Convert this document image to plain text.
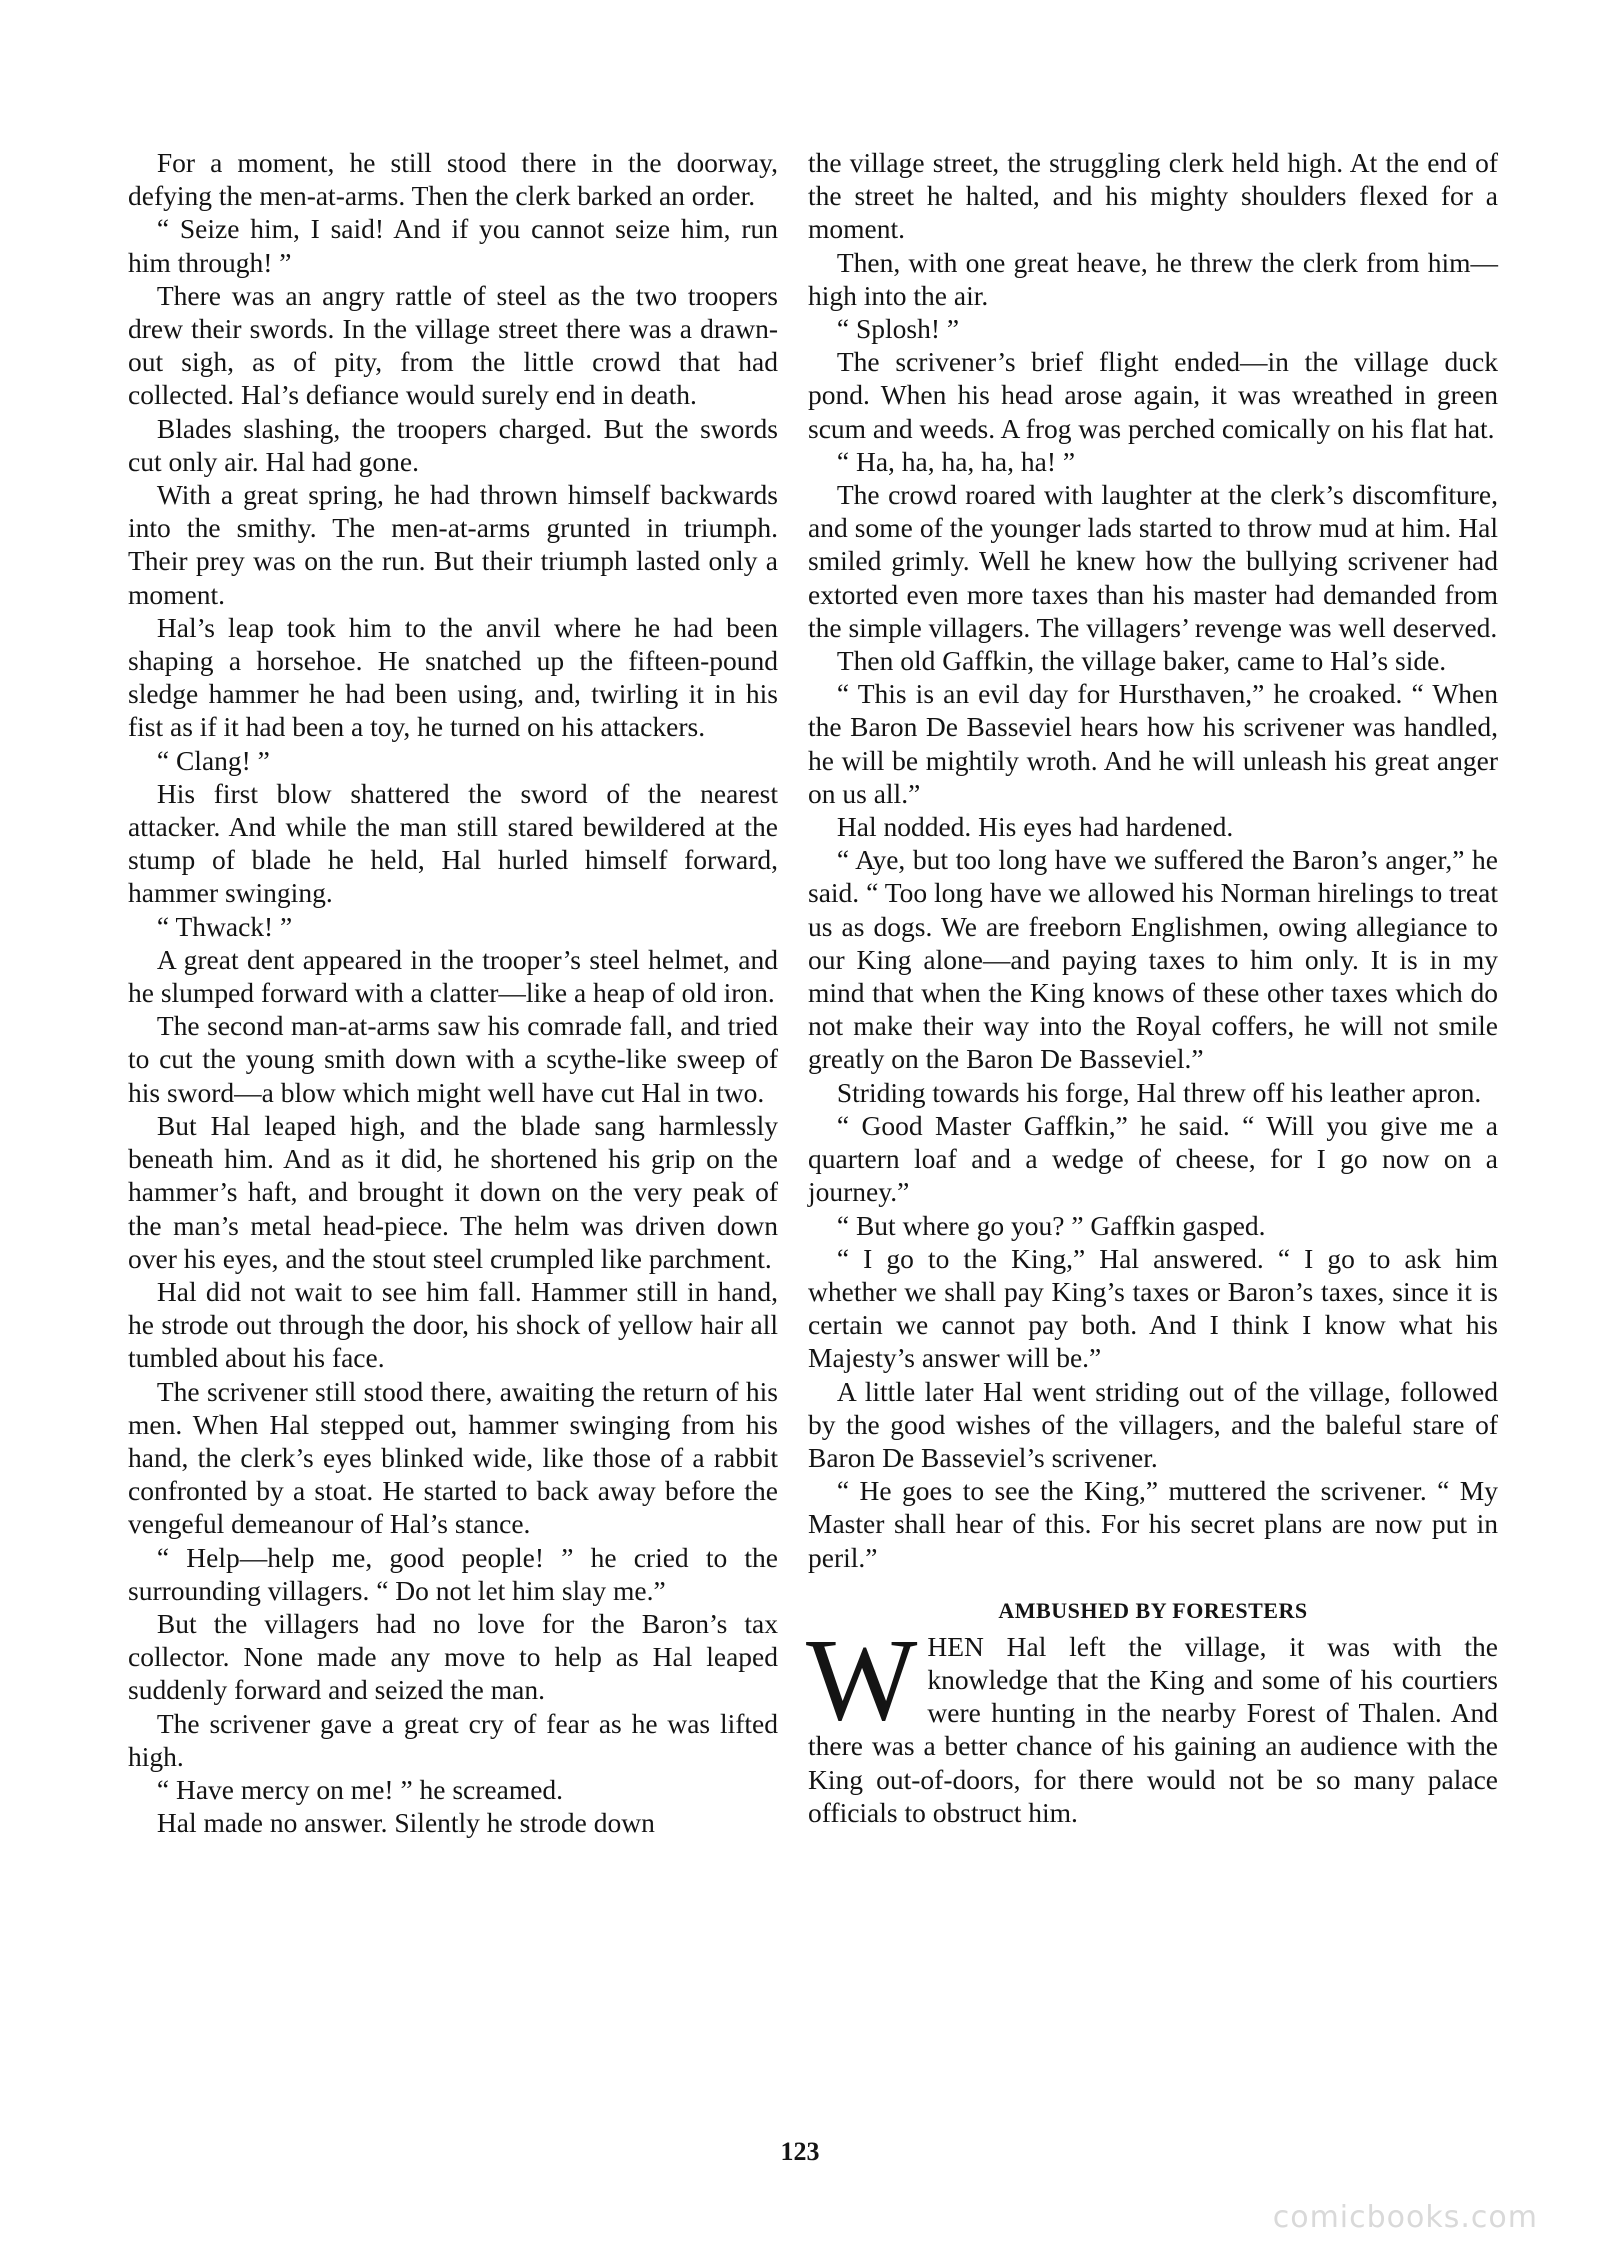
For a moment, he still stood there in the doorway, defying the men-at-arms. Then the clerk barked an order.

“ Seize him, I said! And if you cannot seize him, run him through! ”

There was an angry rattle of steel as the two troopers drew their swords. In the village street there was a drawn-out sigh, as of pity, from the little crowd that had collected. Hal’s defiance would surely end in death.

Blades slashing, the troopers charged. But the swords cut only air. Hal had gone.

With a great spring, he had thrown himself backwards into the smithy. The men-at-arms grunted in triumph. Their prey was on the run. But their triumph lasted only a moment.

Hal’s leap took him to the anvil where he had been shaping a horsehoe. He snatched up the fifteen-pound sledge hammer he had been using, and, twirling it in his fist as if it had been a toy, he turned on his attackers.

“ Clang! ”

His first blow shattered the sword of the nearest attacker. And while the man still stared bewildered at the stump of blade he held, Hal hurled himself forward, hammer swinging.

“ Thwack! ”

A great dent appeared in the trooper’s steel helmet, and he slumped forward with a clatter—like a heap of old iron.

The second man-at-arms saw his comrade fall, and tried to cut the young smith down with a scythe-like sweep of his sword—a blow which might well have cut Hal in two.

But Hal leaped high, and the blade sang harmlessly beneath him. And as it did, he shortened his grip on the hammer’s haft, and brought it down on the very peak of the man’s metal head-piece. The helm was driven down over his eyes, and the stout steel crumpled like parchment.

Hal did not wait to see him fall. Hammer still in hand, he strode out through the door, his shock of yellow hair all tumbled about his face.

The scrivener still stood there, awaiting the return of his men. When Hal stepped out, hammer swinging from his hand, the clerk’s eyes blinked wide, like those of a rabbit confronted by a stoat. He started to back away before the vengeful demeanour of Hal’s stance.

“ Help—help me, good people! ” he cried to the surrounding villagers. “ Do not let him slay me.”

But the villagers had no love for the Baron’s tax collector. None made any move to help as Hal leaped suddenly forward and seized the man.

The scrivener gave a great cry of fear as he was lifted high.

“ Have mercy on me! ” he screamed.

Hal made no answer. Silently he strode down

the village street, the struggling clerk held high. At the end of the street he halted, and his mighty shoulders flexed for a moment.

Then, with one great heave, he threw the clerk from him—high into the air.

“ Splosh! ”

The scrivener’s brief flight ended—in the village duck pond. When his head arose again, it was wreathed in green scum and weeds. A frog was perched comically on his flat hat.

“ Ha, ha, ha, ha, ha! ”

The crowd roared with laughter at the clerk’s discomfiture, and some of the younger lads started to throw mud at him. Hal smiled grimly. Well he knew how the bullying scrivener had extorted even more taxes than his master had demanded from the simple villagers. The villagers’ revenge was well deserved.

Then old Gaffkin, the village baker, came to Hal’s side.

“ This is an evil day for Hursthaven,” he croaked. “ When the Baron De Basseviel hears how his scrivener was handled, he will be mightily wroth. And he will unleash his great anger on us all.”

Hal nodded. His eyes had hardened.

“ Aye, but too long have we suffered the Baron’s anger,” he said. “ Too long have we allowed his Norman hirelings to treat us as dogs. We are freeborn Englishmen, owing allegiance to our King alone—and paying taxes to him only. It is in my mind that when the King knows of these other taxes which do not make their way into the Royal coffers, he will not smile greatly on the Baron De Basseviel.”

Striding towards his forge, Hal threw off his leather apron.

“ Good Master Gaffkin,” he said. “ Will you give me a quartern loaf and a wedge of cheese, for I go now on a journey.”

“ But where go you? ” Gaffkin gasped.

“ I go to the King,” Hal answered. “ I go to ask him whether we shall pay King’s taxes or Baron’s taxes, since it is certain we cannot pay both. And I think I know what his Majesty’s answer will be.”

A little later Hal went striding out of the village, followed by the good wishes of the villagers, and the baleful stare of Baron De Basseviel’s scrivener.

“ He goes to see the King,” muttered the scrivener. “ My Master shall hear of this. For his secret plans are now put in peril.”

AMBUSHED BY FORESTERS

WHEN Hal left the village, it was with the knowledge that the King and some of his courtiers were hunting in the nearby Forest of Thalen. And there was a better chance of his gaining an audience with the King out-of-doors, for there would not be so many palace officials to obstruct him.

123
comicbooks.com
